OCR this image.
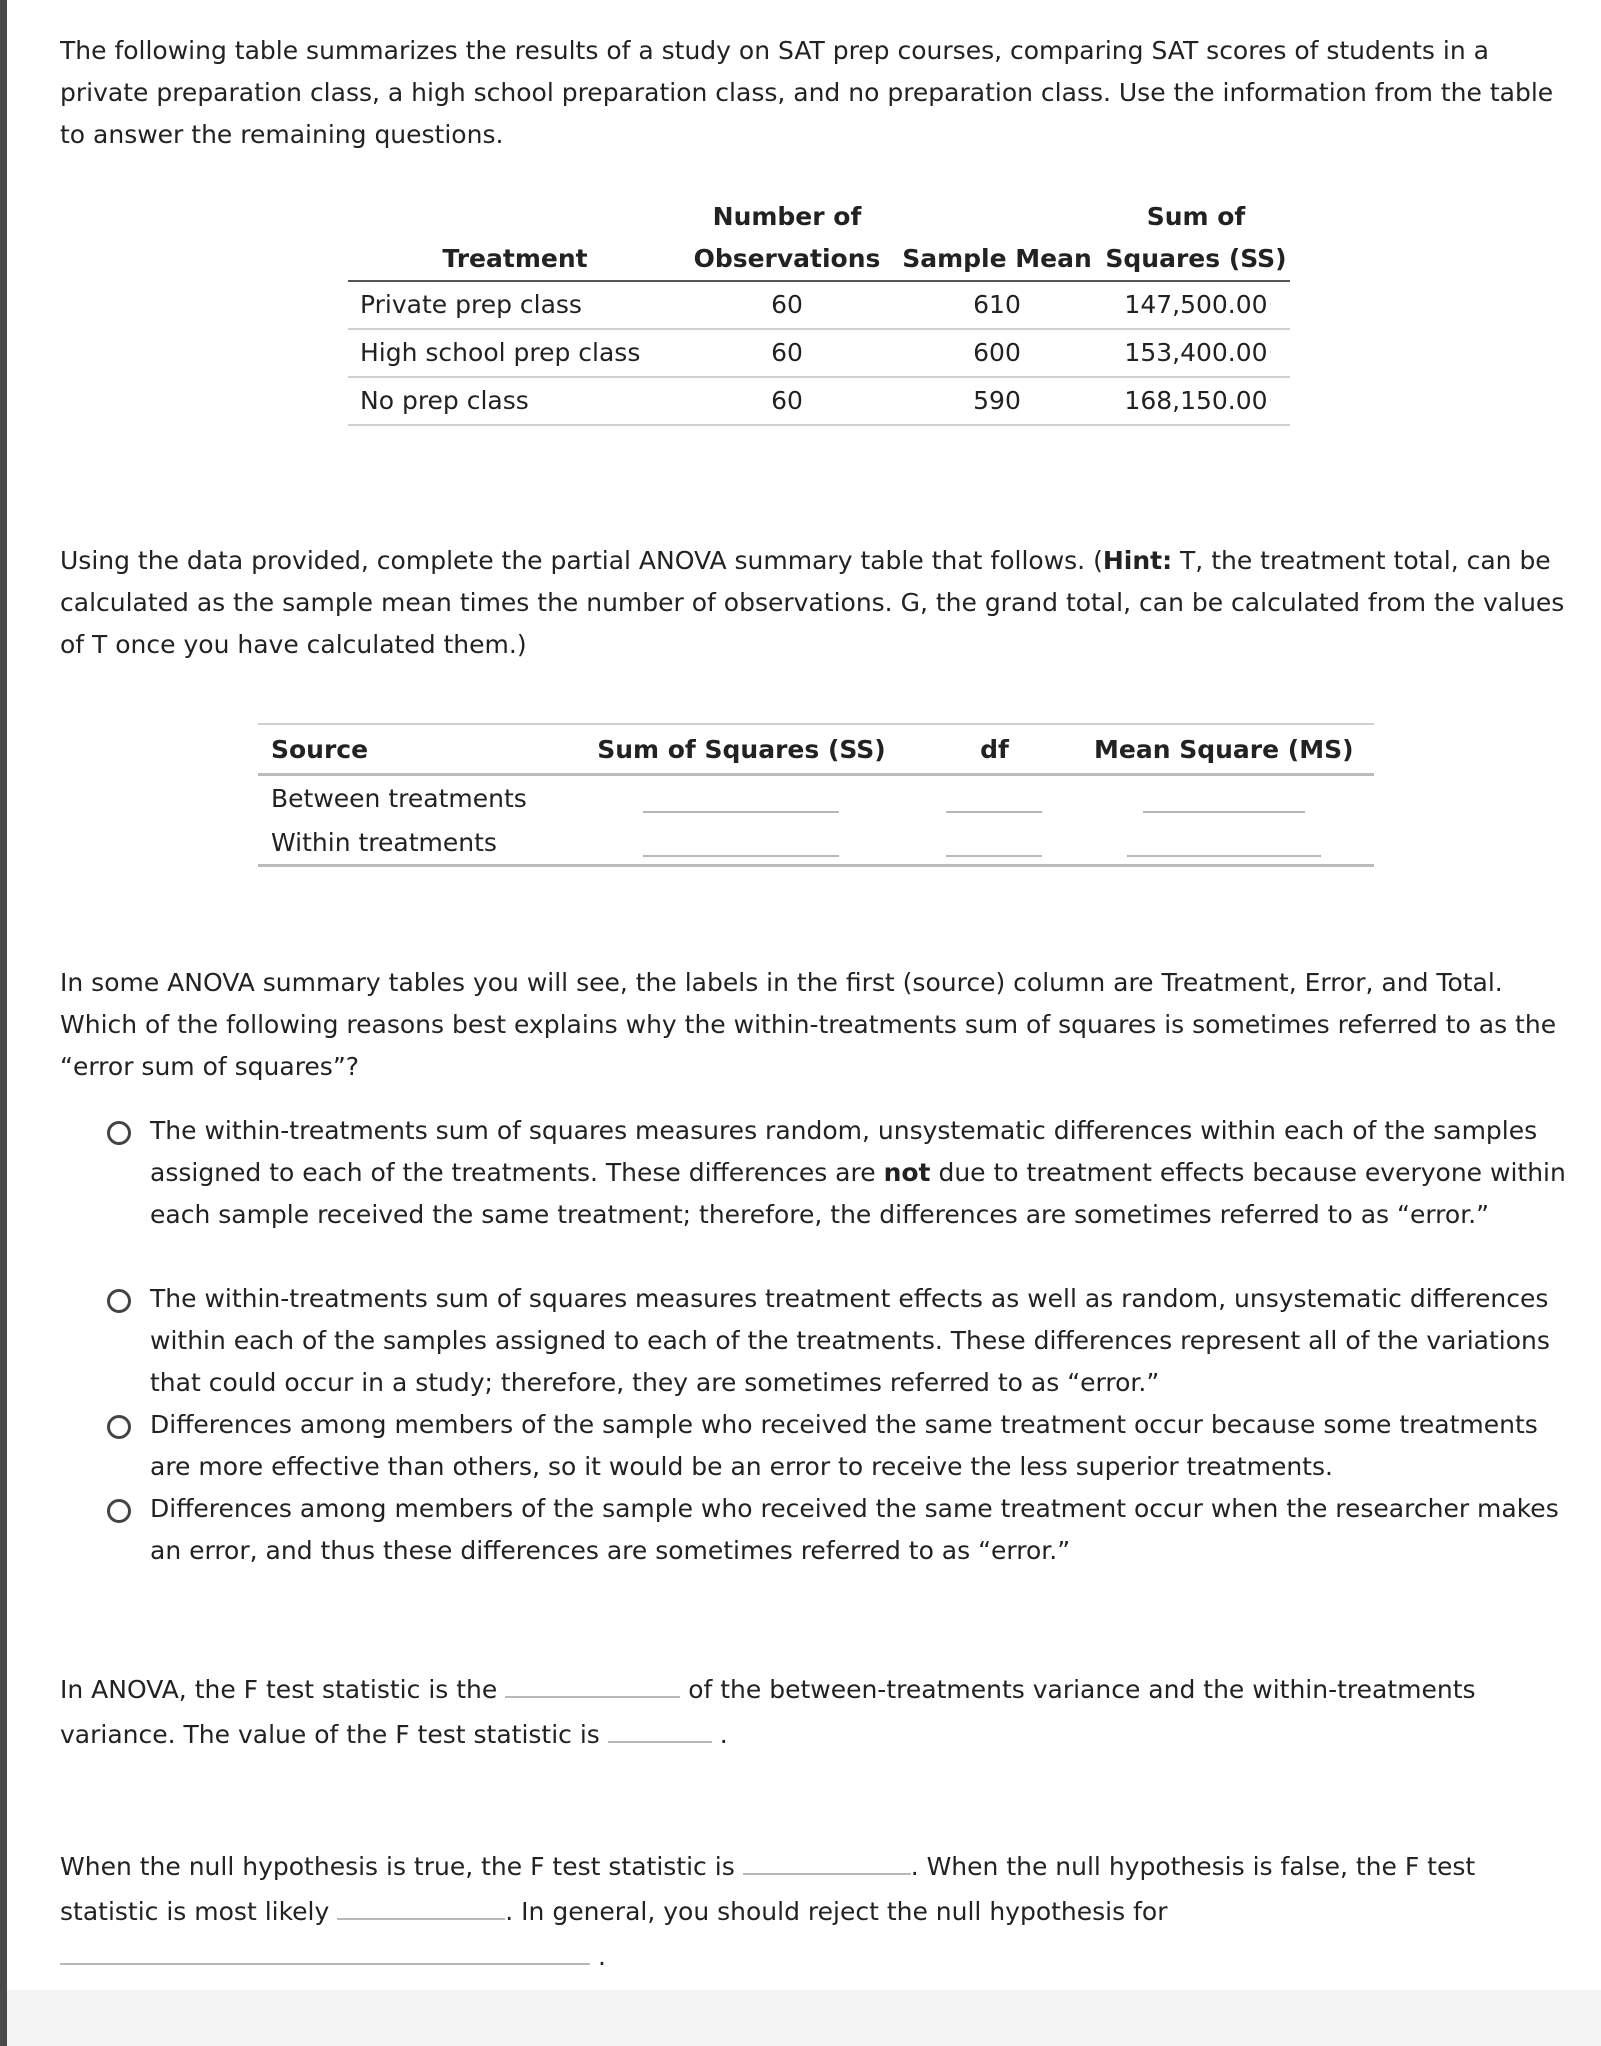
The following table summarizes the results of a study on SAT prep courses, comparing SAT scores of students in a private preparation class, a high school preparation class, and no preparation class. Use the information from the table to answer the remaining questions.
	Number of		Sum of
Treatment	Observations	Sample Mean	Squares (SS)
Private prep class	60	610	147,500.00
High school prep class	60	600	153,400.00
No prep class	60	590	168,150.00
Using the data provided, complete the partial ANOVA summary table that follows. (Hint: T, the treatment total, can be calculated as the sample mean times the number of observations. G, the grand total, can be calculated from the values of T once you have calculated them.)
Source	Sum of Squares (SS)	df	Mean Square (MS)
Between treatments
Within treatments
In some ANOVA summary tables you will see, the labels in the first (source) column are Treatment, Error, and Total. Which of the following reasons best explains why the within-treatments sum of squares is sometimes referred to as the “error sum of squares”?
The within-treatments sum of squares measures random, unsystematic differences within each of the samples assigned to each of the treatments. These differences are not due to treatment effects because everyone within each sample received the same treatment; therefore, the differences are sometimes referred to as “error.”
The within-treatments sum of squares measures treatment effects as well as random, unsystematic differences within each of the samples assigned to each of the treatments. These differences represent all of the variations that could occur in a study; therefore, they are sometimes referred to as “error.”
Differences among members of the sample who received the same treatment occur because some treatments are more effective than others, so it would be an error to receive the less superior treatments.
Differences among members of the sample who received the same treatment occur when the researcher makes an error, and thus these differences are sometimes referred to as “error.”
In ANOVA, the F test statistic is the	of the between-treatments variance and the within-treatments variance. The value of the F test statistic is	.
When the null hypothesis is true, the F test statistic is	. When the null hypothesis is false, the F test statistic is most likely	. In general, you should reject the null hypothesis for
.
